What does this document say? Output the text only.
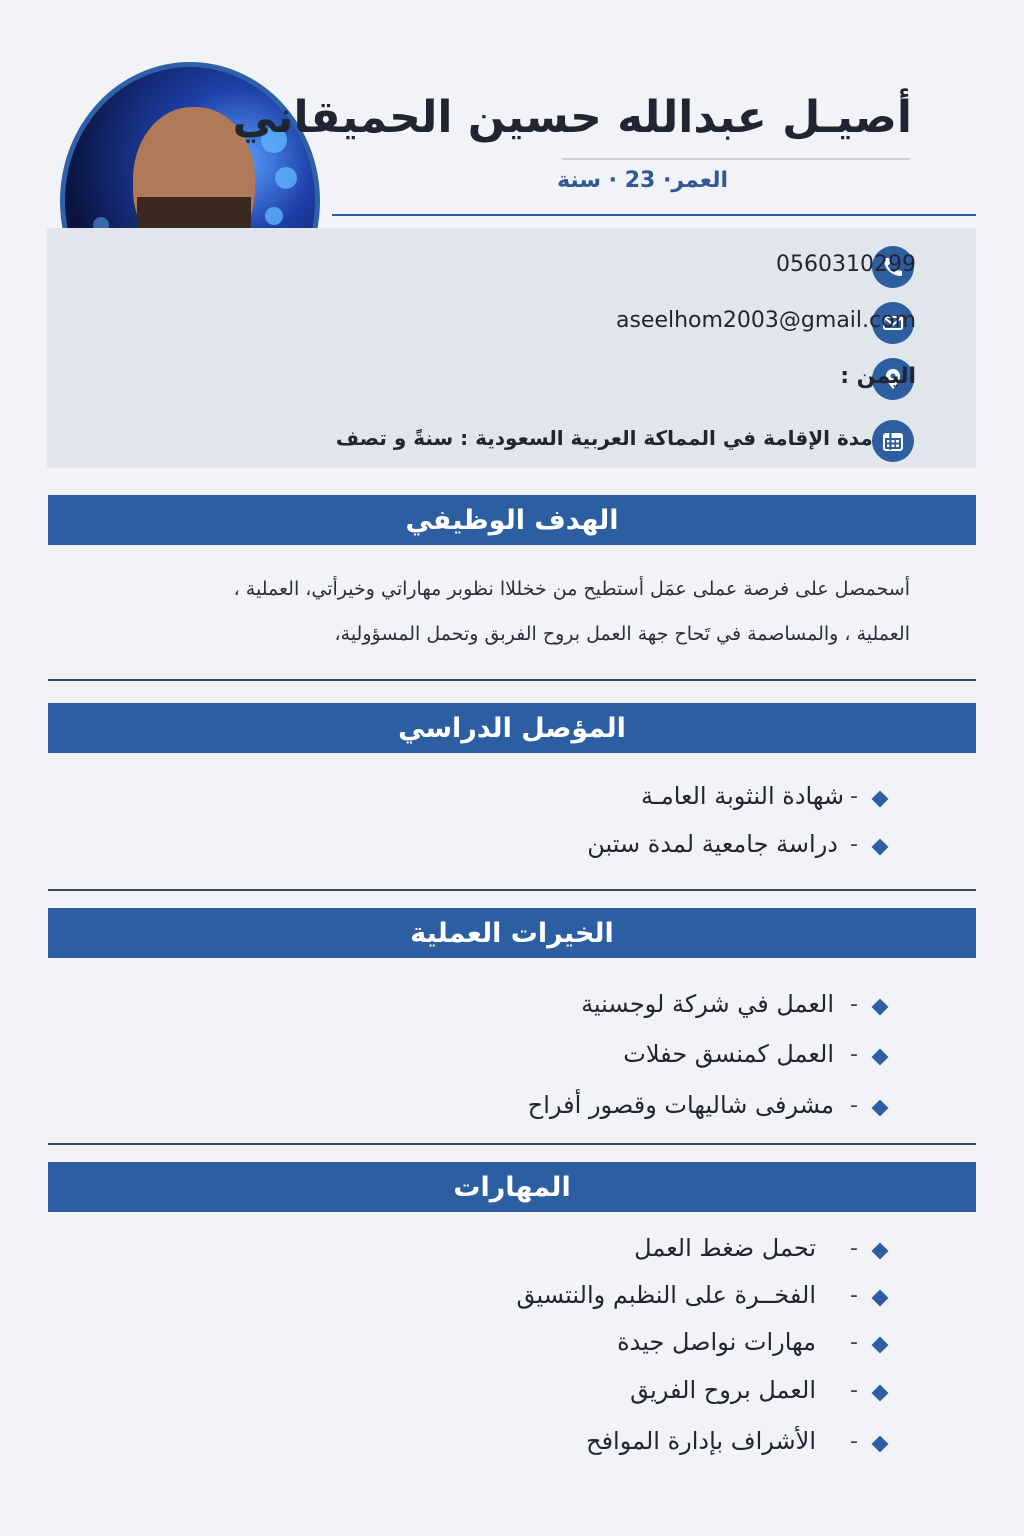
أصيـل عبدالله حسين الحميقاني
العمر· 23 · سنة
0560310299
aseelhom2003@gmail.com
اليمن :
|مدة الإقامة في المماكة العربية السعودية : سنةً و تصف
الهدف الوظيفي
أسحمصل على فرصة عملى عمَل أستطيح من خخللاا نظوبر مهاراتي وخيرأتي، العملية ،
العملية ، والمساصمة في تَحاح جهة العمل بروح الفربق وتحمل المسؤولية،
المؤصل الدراسي
-
شهادة النثوبة العامـة
-
دراسة جامعية لمدة ستبن
الخيرات العملية
-
العمل في شركة لوجسنية
-
العمل كمنسق حفلات
-
مشرفى شاليهات وقصور أفراح
المهارات
-
تحمل ضغط العمل
-
الفخــرة على النظبم والنتسيق
-
مهارات نواصل جيدة
-
العمل بروح الفريق
-
الأشراف بإدارة الموافح
